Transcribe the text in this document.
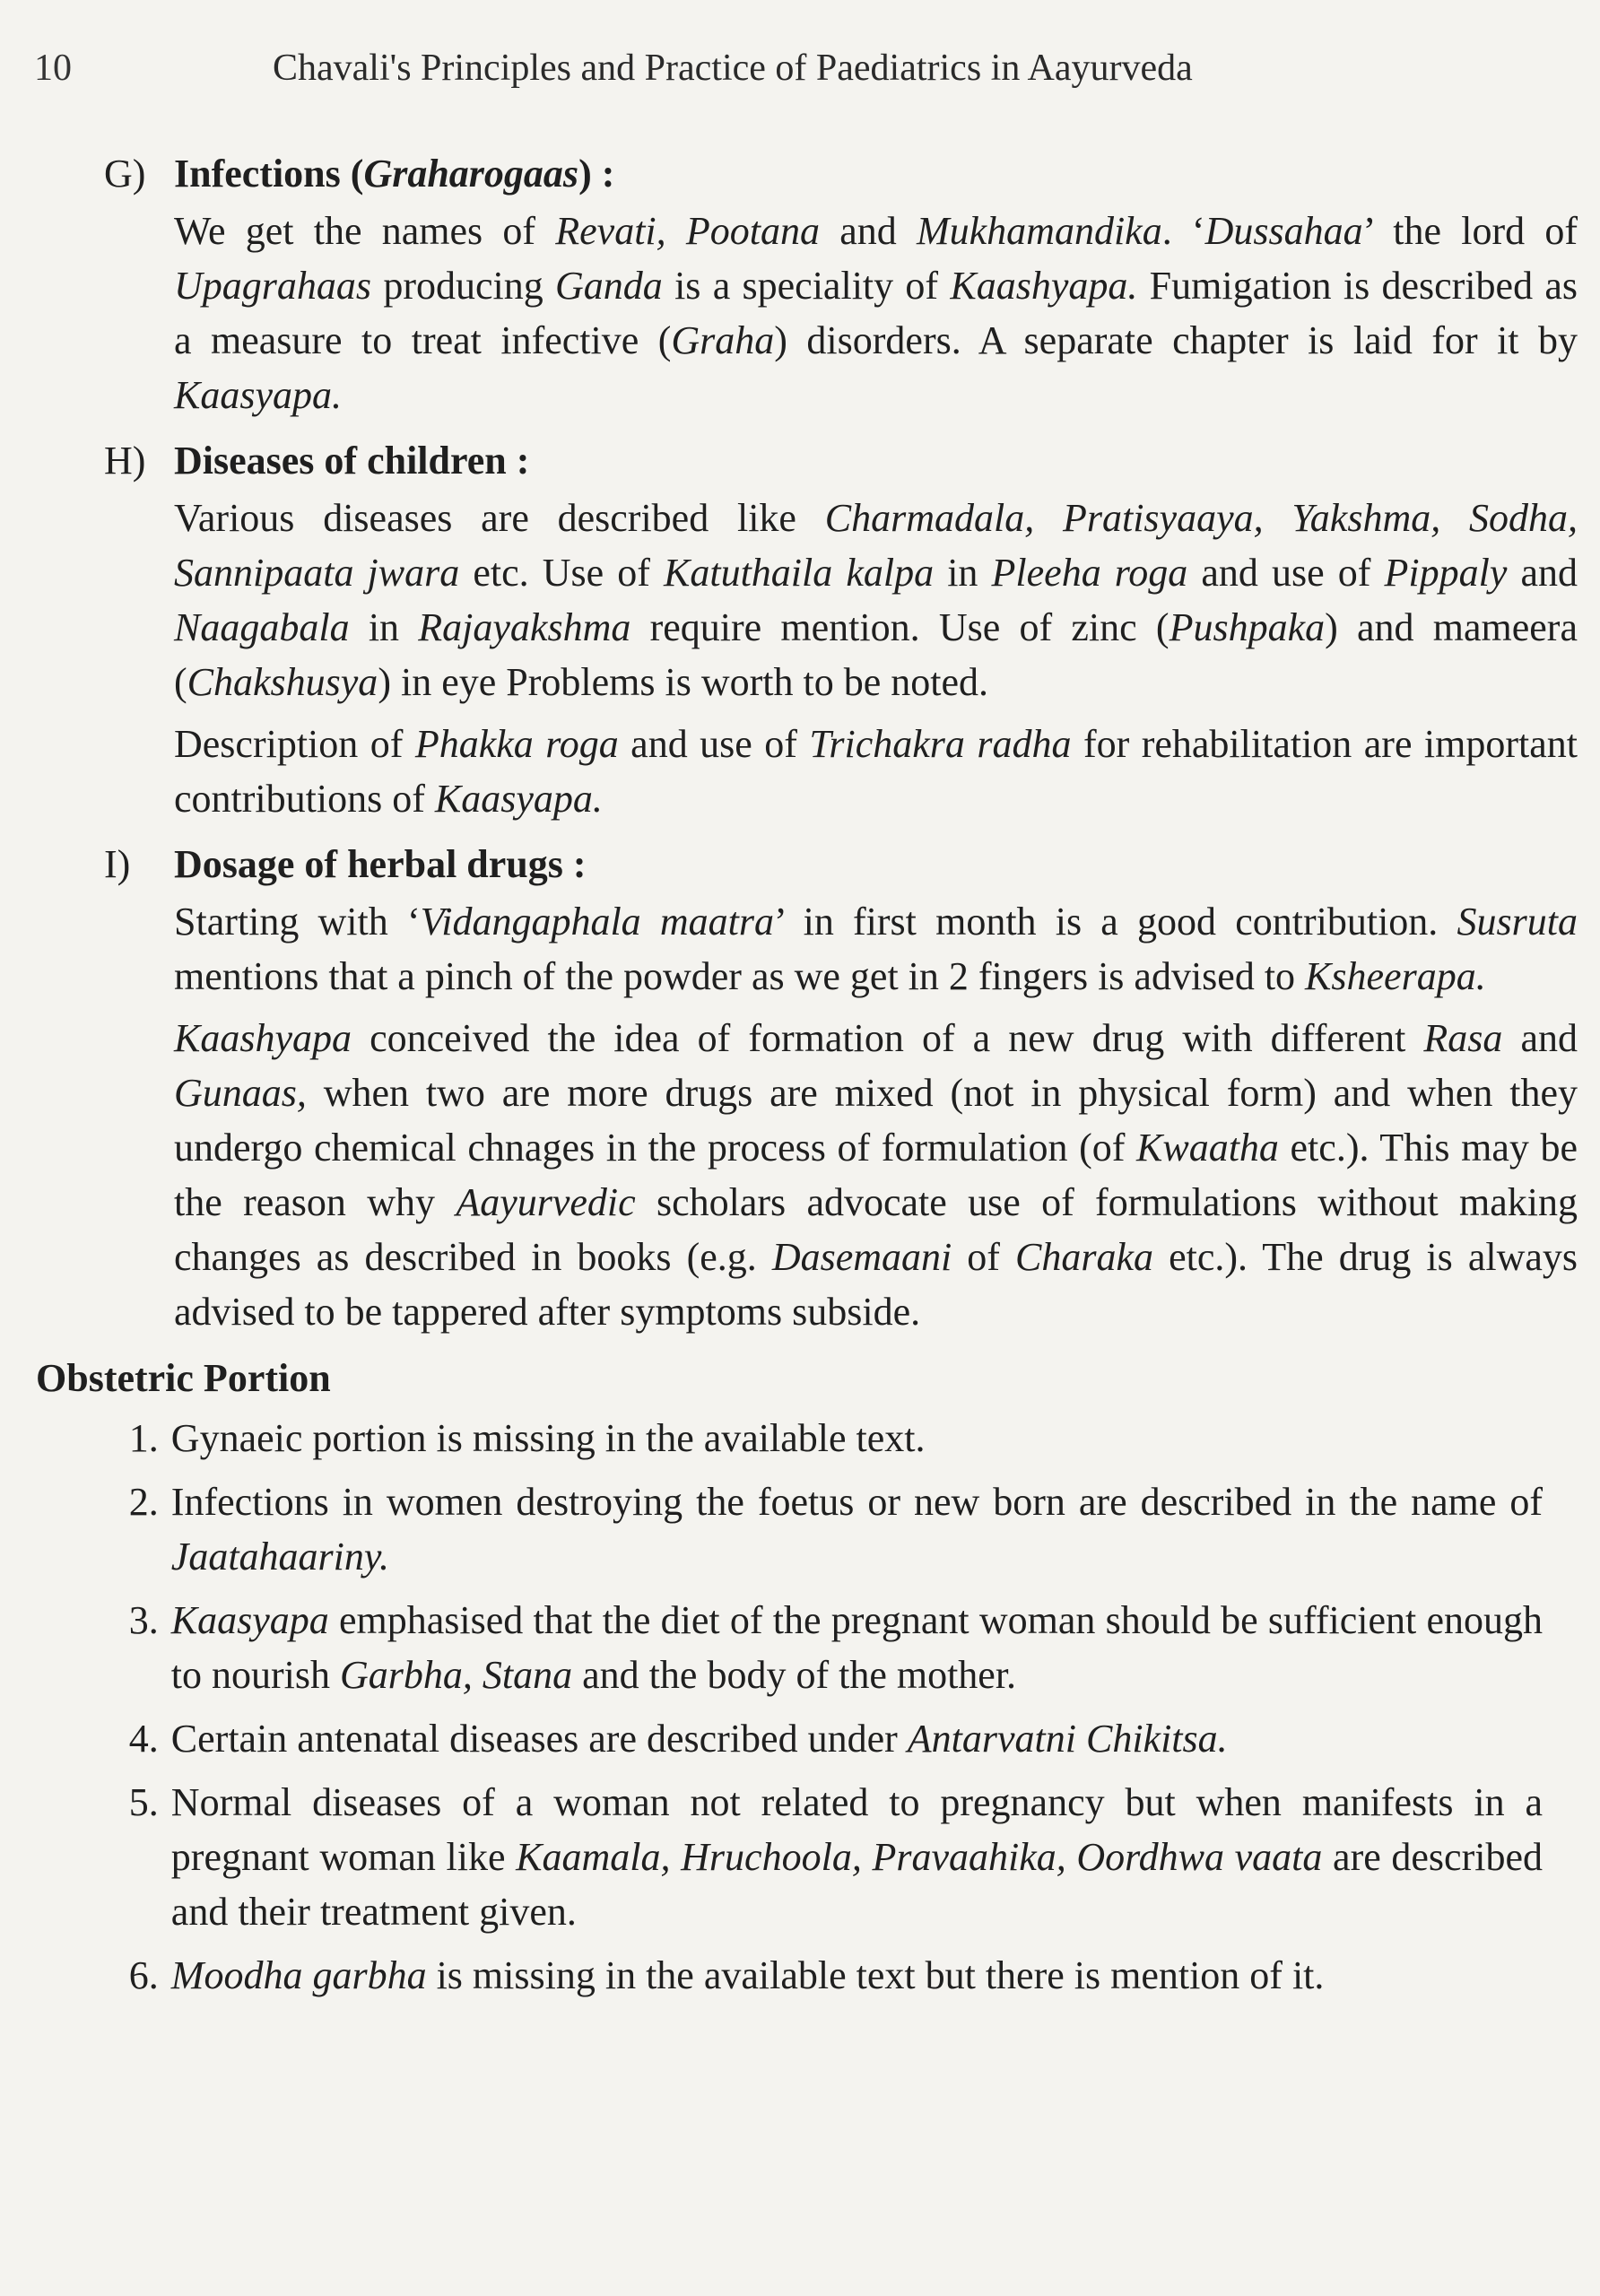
10	Chavali's Principles and Practice of Paediatrics in Aayurveda
G) Infections (Graharogaas) :
We get the names of Revati, Pootana and Mukhamandika. ‘Dussahaa’ the lord of Upagrahaas producing Ganda is a speciality of Kaashyapa. Fumigation is described as a measure to treat infective (Graha) disorders. A separate chapter is laid for it by Kaasyapa.
H) Diseases of children :
Various diseases are described like Charmadala, Pratisyaaya, Yakshma, Sodha, Sannipaata jwara etc. Use of Katuthaila kalpa in Pleeha roga and use of Pippaly and Naagabala in Rajayakshma require mention. Use of zinc (Pushpaka) and mameera (Chakshusya) in eye Problems is worth to be noted.
Description of Phakka roga and use of Trichakra radha for rehabilitation are important contributions of Kaasyapa.
I)	Dosage of herbal drugs :
Starting with ‘Vidangaphala maatra’ in first month is a good contribution. Susruta mentions that a pinch of the powder as we get in 2 fingers is advised to Ksheerapa.
Kaashyapa conceived the idea of formation of a new drug with different Rasa and Gunaas, when two are more drugs are mixed (not in physical form) and when they undergo chemical chnages in the process of formulation (of Kwaatha etc.). This may be the reason why Aayurvedic scholars advocate use of formulations without making changes as described in books (e.g. Dasemaani of Charaka etc.). The drug is always advised to be tappered after symptoms subside.
Obstetric Portion
1. Gynaeic portion is missing in the available text.
2. Infections in women destroying the foetus or new born are described in the name of Jaatahaariny.
3. Kaasyapa emphasised that the diet of the pregnant woman should be sufficient enough to nourish Garbha, Stana and the body of the mother.
4. Certain antenatal diseases are described under Antarvatni Chikitsa.
5. Normal diseases of a woman not related to pregnancy but when manifests in a pregnant woman like Kaamala, Hruchoola, Pravaahika, Oordhwa vaata are described and their treatment given.
6. Moodha garbha is missing in the available text but there is mention of it.
